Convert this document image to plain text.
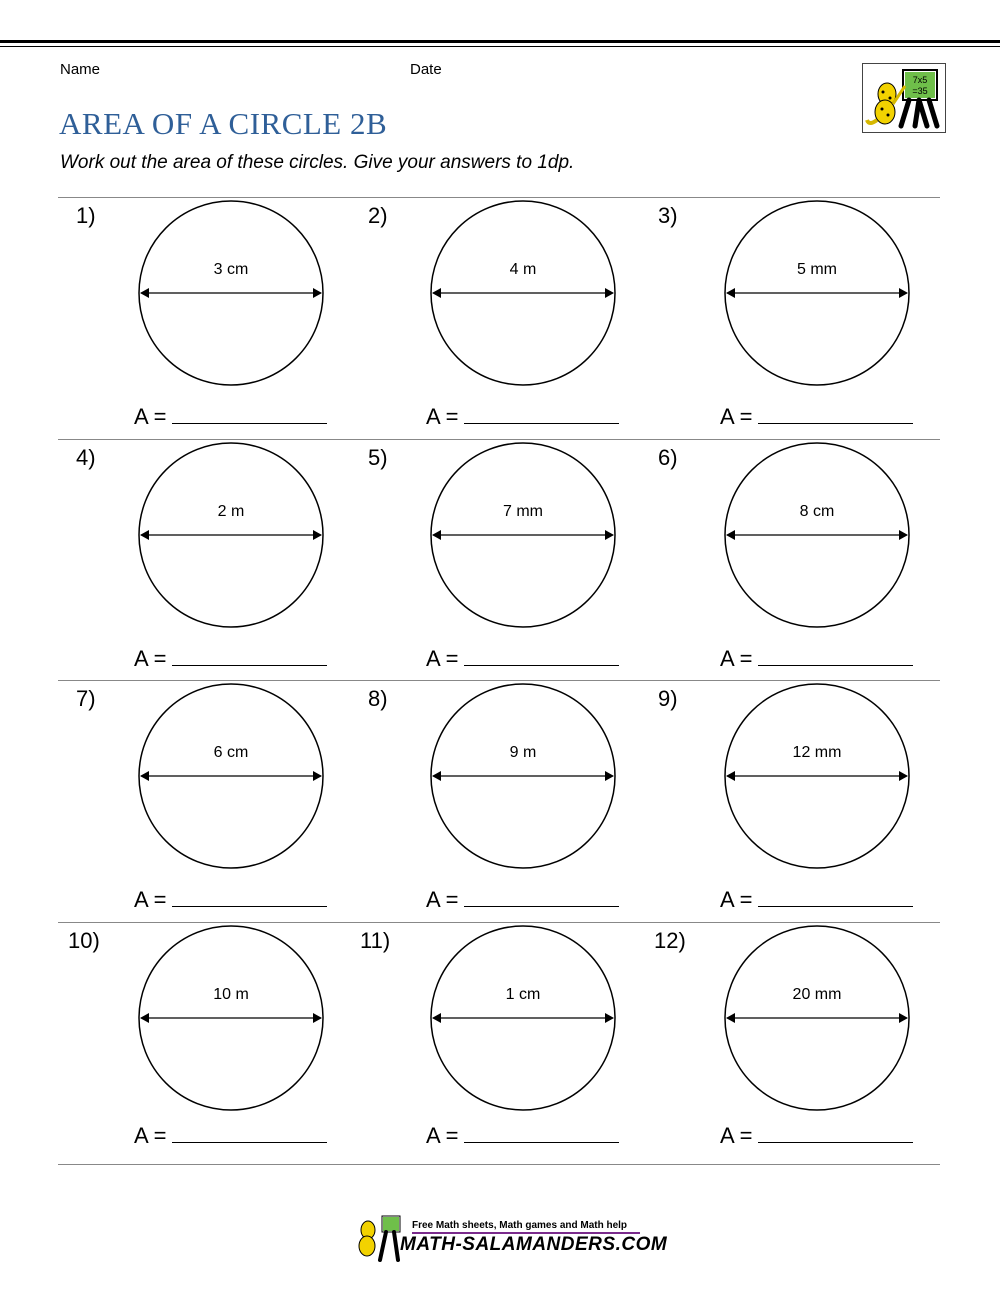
Name	Date
7x5
=35
AREA OF A CIRCLE 2B
Work out the area of these circles. Give your answers to 1dp.
1)
3 cm
A =
2)
4 m
A =
3)
5 mm
A =
4)
2 m
A =
5)
7 mm
A =
6)
8 cm
A =
7)
6 cm
A =
8)
9 m
A =
9)
12 mm
A =
10)
10 m
A =
11)
1 cm
A =
12)
20 mm
A =
Free Math sheets, Math games and Math help
MATH-SALAMANDERS.COM
